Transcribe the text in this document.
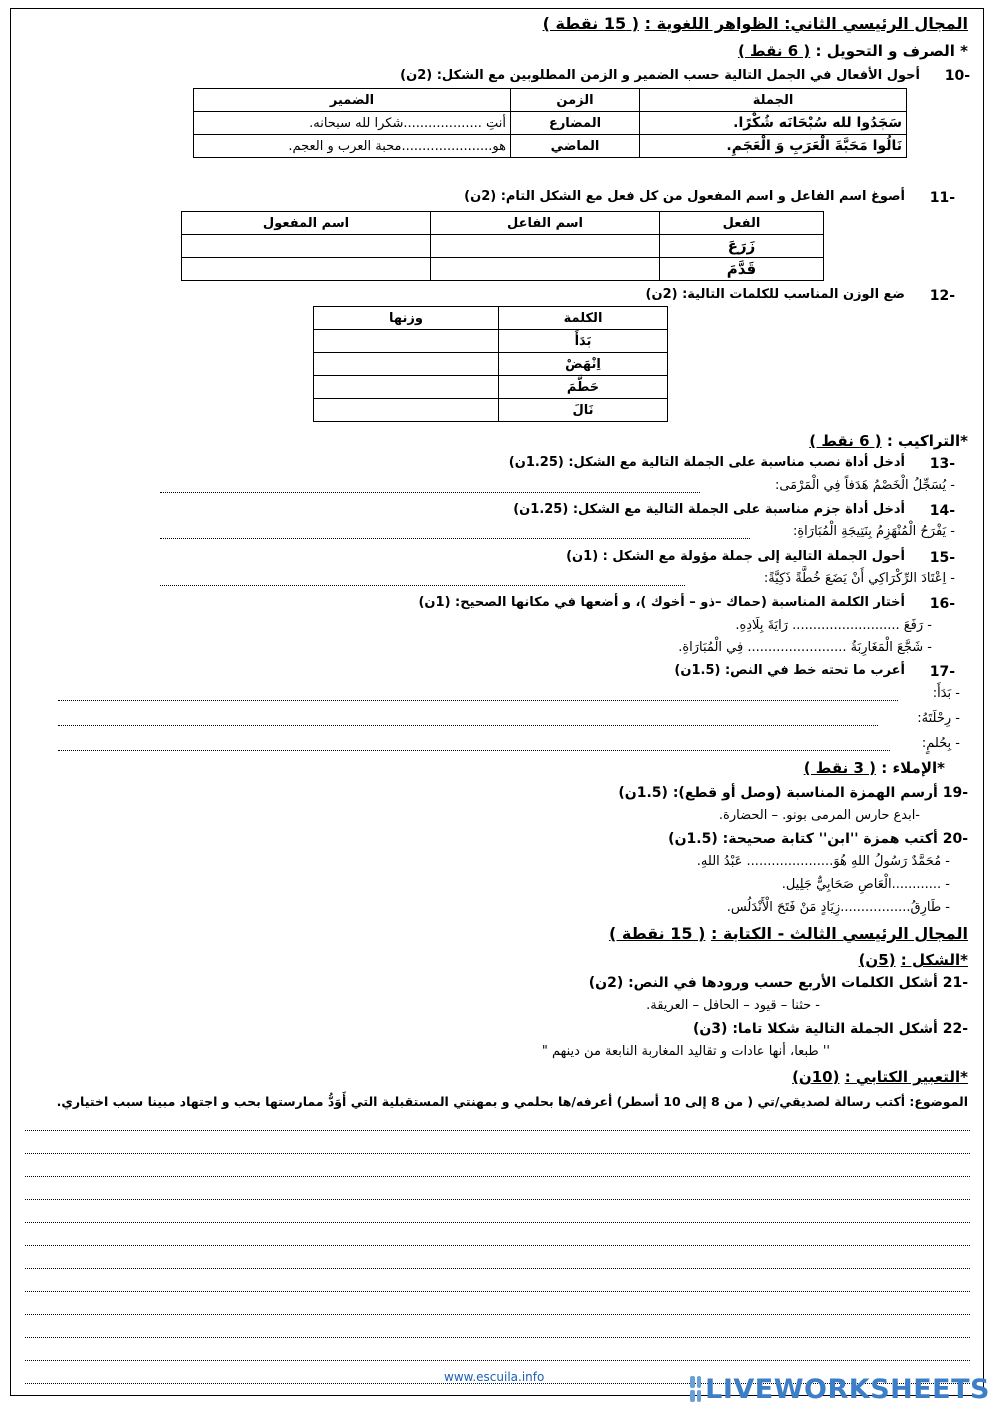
المجال الرئيسي الثاني: الظواهر اللغوية : ( 15 نقطة )
* الصرف و التحويل : ( 6 نقط )
-10
أحول الأفعال في الجمل التالية حسب الضمير و الزمن المطلوبين مع الشكل: (2ن)
الجملة	الزمن	الضمير
سَجَدُوا لله سُبْحَانَه شُكْرًا.	المضارع	أنتِ ...................شكرا لله سبحانه.
نَالُوا مَحَبَّةَ الْعَرَبِ وَ الْعَجَمِ.	الماضي	هو......................محبة العرب و العجم.
-11
أصوغ اسم الفاعل و اسم المفعول من كل فعل مع الشكل التام: (2ن)
الفعل	اسم الفاعل	اسم المفعول
زَرَعَ		
قَدَّمَ		
-12
ضع الوزن المناسب للكلمات التالية: (2ن)
الكلمة	وزنها
بَدَأَ	
اِنْهَضْ	
حَطَّمَ	
نَالَ	
*التراكيب : ( 6 نقط )
-13
أدخل أداة نصب مناسبة على الجملة التالية مع الشكل: (1.25ن)
- يُسَجِّلُ الْخَصْمُ هَدَفاً فِي الْمَرْمَى:
-14
أدخل أداة جزم مناسبة على الجملة التالية مع الشكل: (1.25ن)
- يَفْرَحُ الْمُنْهَزِمُ بِنَتِيجَةِ الْمُبَارَاةِ:
-15
أحول الجملة التالية إلى جملة مؤولة مع الشكل : (1ن)
- اِعْتَادَ الرِّكْرَاكِي أَنْ يَضَعَ خُطَّةً ذَكِيَّةً:
-16
أختار الكلمة المناسبة (حماك –ذو – أخوك )، و أضعها في مكانها الصحيح: (1ن)
- رَفَعَ .......................... رَايَةَ بِلَادِهِ.
- شَجَّعَ الْمَغَارِبَةُ ........................ فِي الْمُبَارَاةِ.
-17
أعرب ما تحته خط في النص: (1.5ن)
- بَدَأَ:
- رِحْلَتَهُ:
- بِحُلمٍ:
*الإملاء : ( 3 نقط )
-19 أرسم الهمزة المناسبة (وصل أو قطع): (1.5ن)
-ابدع حارس المرمى بونو. – الحضارة.
-20 أكتب همزة ''ابن'' كتابة صحيحة: (1.5ن)
- مُحَمَّدٌ رَسُولُ اللهِ هُوَ..................... عَبْدُ اللهِ.
- ............الْعَاصِ صَحَابِيٌّ جَلِيل.
- طَارِقُ.................زِيَادٍ مَنْ فَتَحَ الْأَنْدَلُس.
المجال الرئيسي الثالث - الكتابة : ( 15 نقطة )
*الشكل : (5ن)
-21 أشكل الكلمات الأربع حسب ورودها في النص: (2ن)
- حثنا – قيود – الحافل – العريقة.
-22 أشكل الجملة التالية شكلا تاما: (3ن)
'' طبعا، أنها عادات و تقاليد المغاربة النابعة من دينهم "
*التعبير الكتابي : (10ن)
الموضوع: أكتب رسالة لصديقي/تي ( من 8 إلى 10 أسطر) أعرفه/ها بحلمي و بمهنتي المستقبلية التي أَوَدُّ ممارستها بحب و اجتهاد مبينا سبب اختياري.
www.escuila.info	LIVEWORKSHEETS
